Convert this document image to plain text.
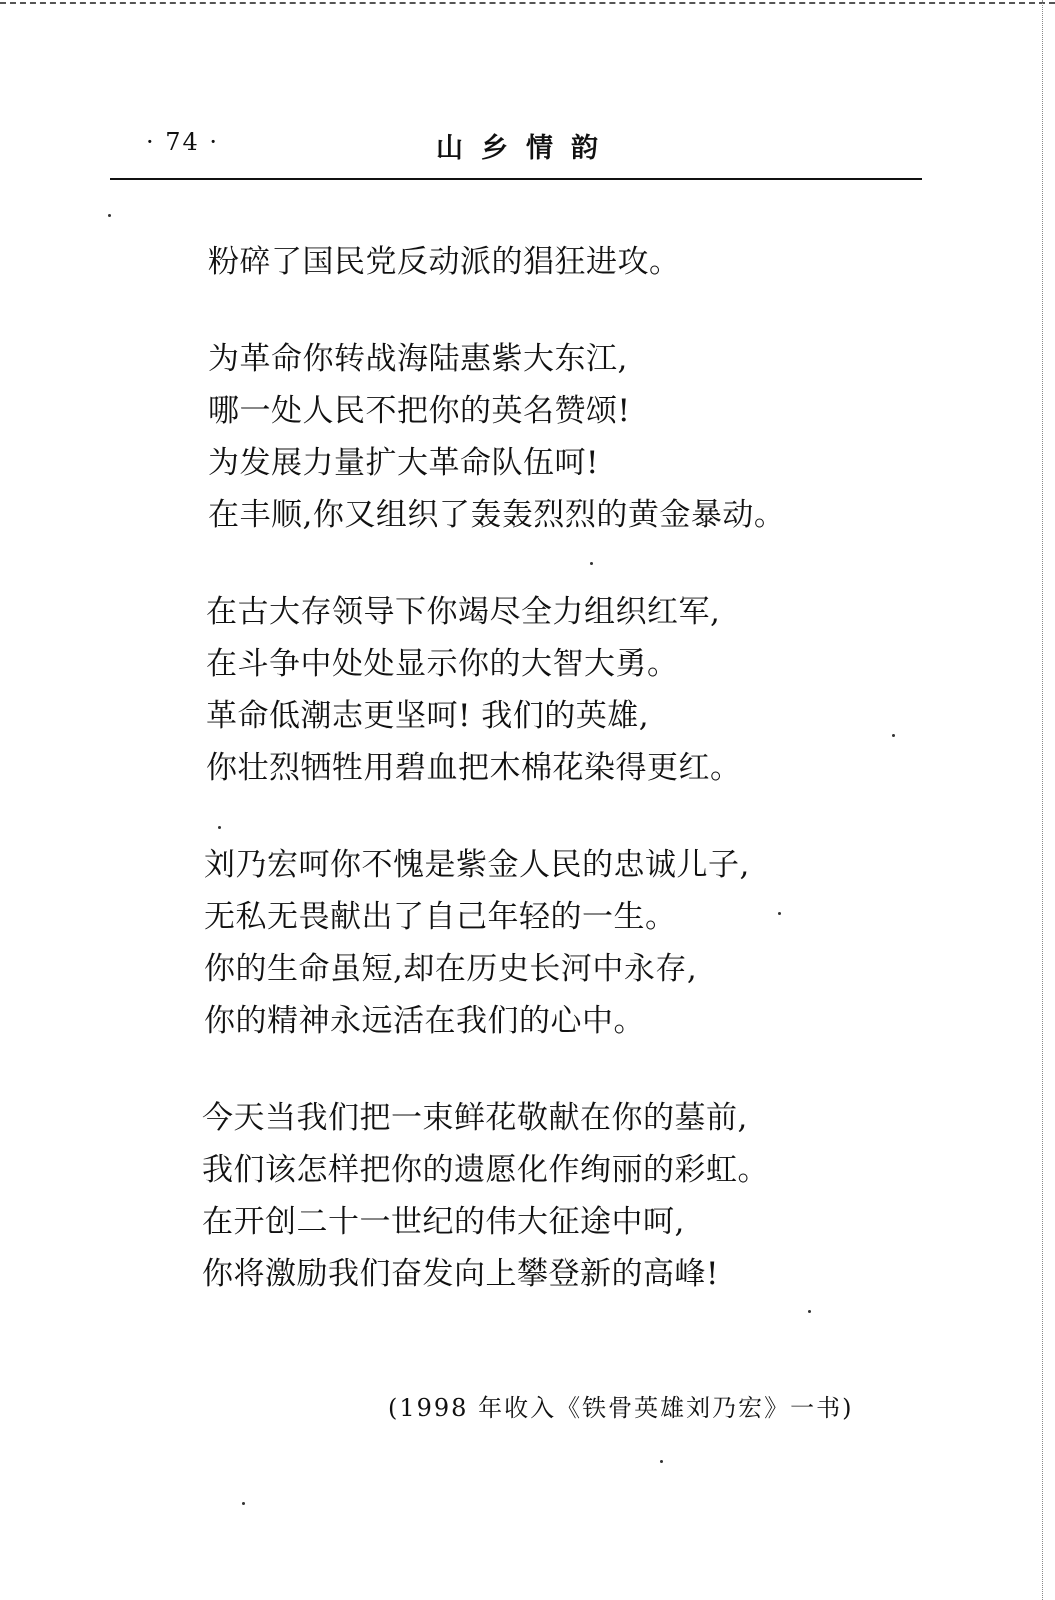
· 74 ·	山乡情韵
粉碎了国民党反动派的猖狂进攻。
为革命你转战海陆惠紫大东江,
哪一处人民不把你的英名赞颂!
为发展力量扩大革命队伍呵!
在丰顺,你又组织了轰轰烈烈的黄金暴动。
在古大存领导下你竭尽全力组织红军,
在斗争中处处显示你的大智大勇。
革命低潮志更坚呵! 我们的英雄,
你壮烈牺牲用碧血把木棉花染得更红。
刘乃宏呵你不愧是紫金人民的忠诚儿子,
无私无畏献出了自己年轻的一生。
你的生命虽短,却在历史长河中永存,
你的精神永远活在我们的心中。
今天当我们把一束鲜花敬献在你的墓前,
我们该怎样把你的遗愿化作绚丽的彩虹。
在开创二十一世纪的伟大征途中呵,
你将激励我们奋发向上攀登新的高峰!
(1998 年收入《铁骨英雄刘乃宏》一书)
